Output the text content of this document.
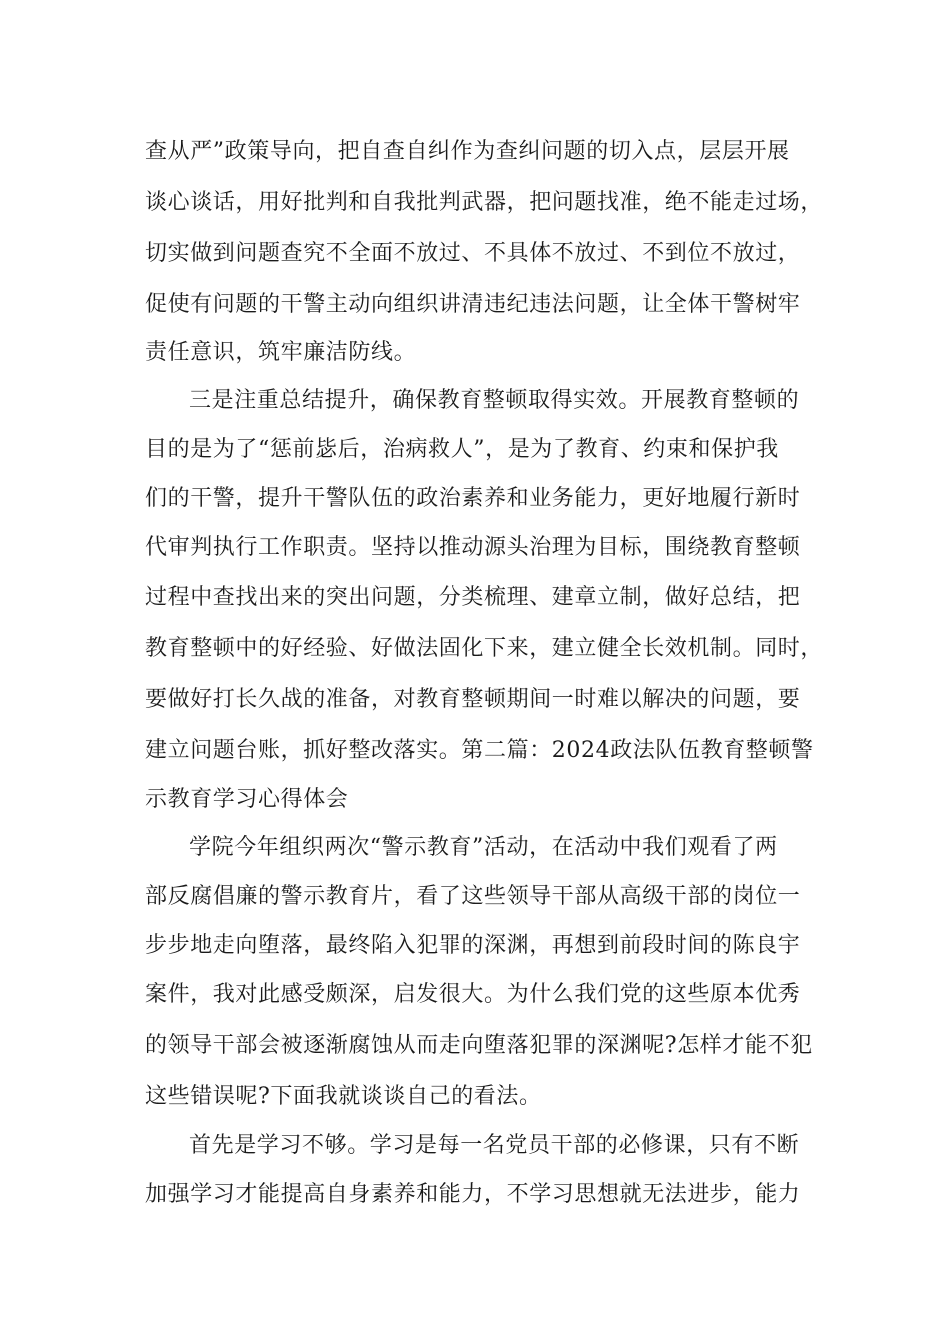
查从严”政策导向，把自查自纠作为查纠问题的切入点，层层开展
谈心谈话，用好批判和自我批判武器，把问题找准，绝不能走过场，
切实做到问题查究不全面不放过、不具体不放过、不到位不放过，
促使有问题的干警主动向组织讲清违纪违法问题，让全体干警树牢
责任意识，筑牢廉洁防线。
三是注重总结提升，确保教育整顿取得实效。开展教育整顿的
目的是为了“惩前毖后，治病救人”，是为了教育、约束和保护我
们的干警，提升干警队伍的政治素养和业务能力，更好地履行新时
代审判执行工作职责。坚持以推动源头治理为目标，围绕教育整顿
过程中查找出来的突出问题，分类梳理、建章立制，做好总结，把
教育整顿中的好经验、好做法固化下来，建立健全长效机制。同时，
要做好打长久战的准备，对教育整顿期间一时难以解决的问题，要
建立问题台账，抓好整改落实。第二篇：2024政法队伍教育整顿警
示教育学习心得体会
学院今年组织两次“警示教育”活动，在活动中我们观看了两
部反腐倡廉的警示教育片，看了这些领导干部从高级干部的岗位一
步步地走向堕落，最终陷入犯罪的深渊，再想到前段时间的陈良宇
案件，我对此感受颇深，启发很大。为什么我们党的这些原本优秀
的领导干部会被逐渐腐蚀从而走向堕落犯罪的深渊呢?怎样才能不犯
这些错误呢?下面我就谈谈自己的看法。
首先是学习不够。学习是每一名党员干部的必修课，只有不断
加强学习才能提高自身素养和能力，不学习思想就无法进步，能力
